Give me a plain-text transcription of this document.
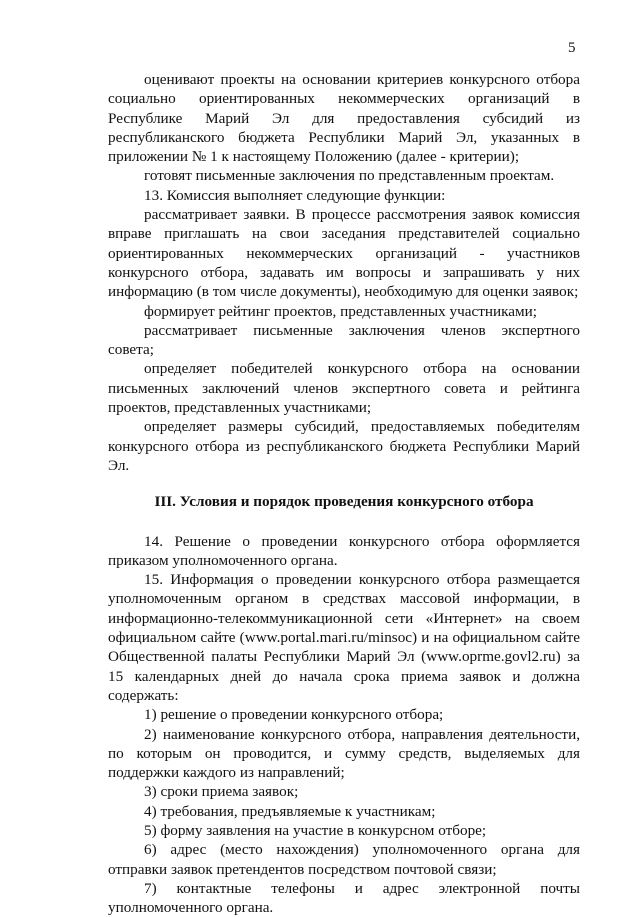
5

оценивают проекты на основании критериев конкурсного отбора социально ориентированных некоммерческих организаций в Республике Марий Эл для предоставления субсидий из республиканского бюджета Республики Марий Эл, указанных в приложении № 1 к настоящему Положению (далее - критерии);

готовят письменные заключения по представленным проектам.

13. Комиссия выполняет следующие функции:

рассматривает заявки. В процессе рассмотрения заявок комиссия вправе приглашать на свои заседания представителей социально ориентированных некоммерческих организаций - участников конкурсного отбора, задавать им вопросы и запрашивать у них информацию (в том числе документы), необходимую для оценки заявок;

формирует рейтинг проектов, представленных участниками;

рассматривает письменные заключения членов экспертного совета;

определяет победителей конкурсного отбора на основании письменных заключений членов экспертного совета и рейтинга проектов, представленных участниками;

определяет размеры субсидий, предоставляемых победителям конкурсного отбора из республиканского бюджета Республики Марий Эл.

III. Условия и порядок проведения конкурсного отбора

14. Решение о проведении конкурсного отбора оформляется приказом уполномоченного органа.

15. Информация о проведении конкурсного отбора размещается уполномоченным органом в средствах массовой информации, в информационно-телекоммуникационной сети «Интернет» на своем официальном сайте (www.portal.mari.ru/minsoc) и на официальном сайте Общественной палаты Республики Марий Эл (www.oprme.govl2.ru) за 15 календарных дней до начала срока приема заявок и должна содержать:

1) решение о проведении конкурсного отбора;

2) наименование конкурсного отбора, направления деятельности, по которым он проводится, и сумму средств, выделяемых для поддержки каждого из направлений;

3) сроки приема заявок;

4) требования, предъявляемые к участникам;

5) форму заявления на участие в конкурсном отборе;

6) адрес (место нахождения) уполномоченного органа для отправки заявок претендентов посредством почтовой связи;

7) контактные телефоны и адрес электронной почты уполномоченного органа.
